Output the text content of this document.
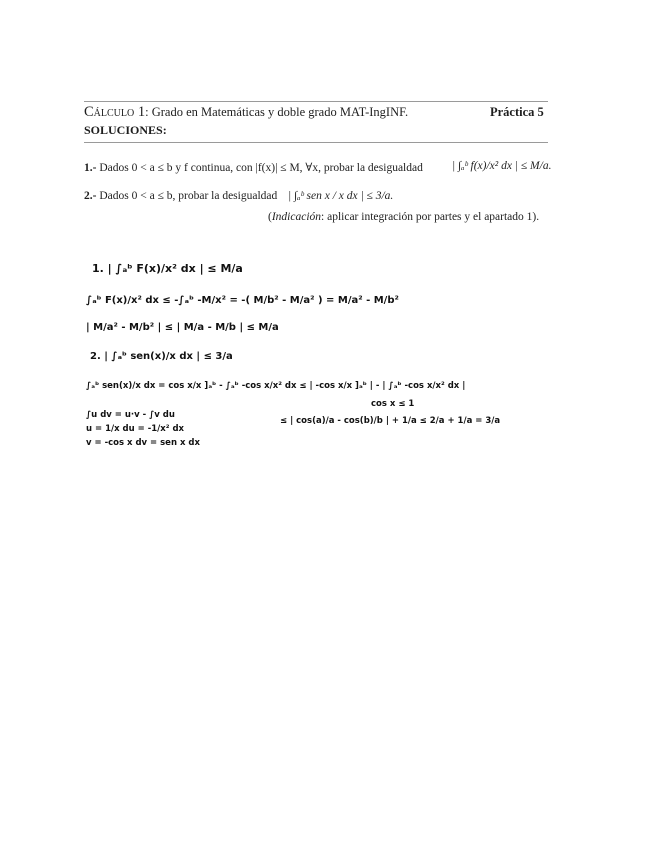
Cálculo 1: Grado en Matemáticas y doble grado MAT-IngINF.	Práctica 5
SOLUCIONES:
1.- Dados 0 < a ≤ b y f continua, con |f(x)| ≤ M, ∀x, probar la desigualdad	| ∫ₐᵇ f(x)/x² dx | ≤ M/a.
2.- Dados 0 < a ≤ b, probar la desigualdad | ∫ₐᵇ sen x / x dx | ≤ 3/a.
(Indicación: aplicar integración por partes y el apartado 1).
1. | ∫ₐᵇ F(x)/x² dx | ≤ M/a
∫ₐᵇ F(x)/x² dx ≤ -∫ₐᵇ -M/x² = -( M/b² - M/a² ) = M/a² - M/b²
| M/a² - M/b² | ≤ | M/a - M/b | ≤ M/a
2. | ∫ₐᵇ sen(x)/x dx | ≤ 3/a
∫ₐᵇ sen(x)/x dx = cos x/x ]ₐᵇ - ∫ₐᵇ -cos x/x² dx ≤ | -cos x/x ]ₐᵇ | - | ∫ₐᵇ -cos x/x² dx |
cos x ≤ 1
∫u dv = u·v - ∫v du
u = 1/x du = -1/x² dx
v = -cos x dv = sen x dx
≤ | cos(a)/a - cos(b)/b | + 1/a ≤ 2/a + 1/a = 3/a
